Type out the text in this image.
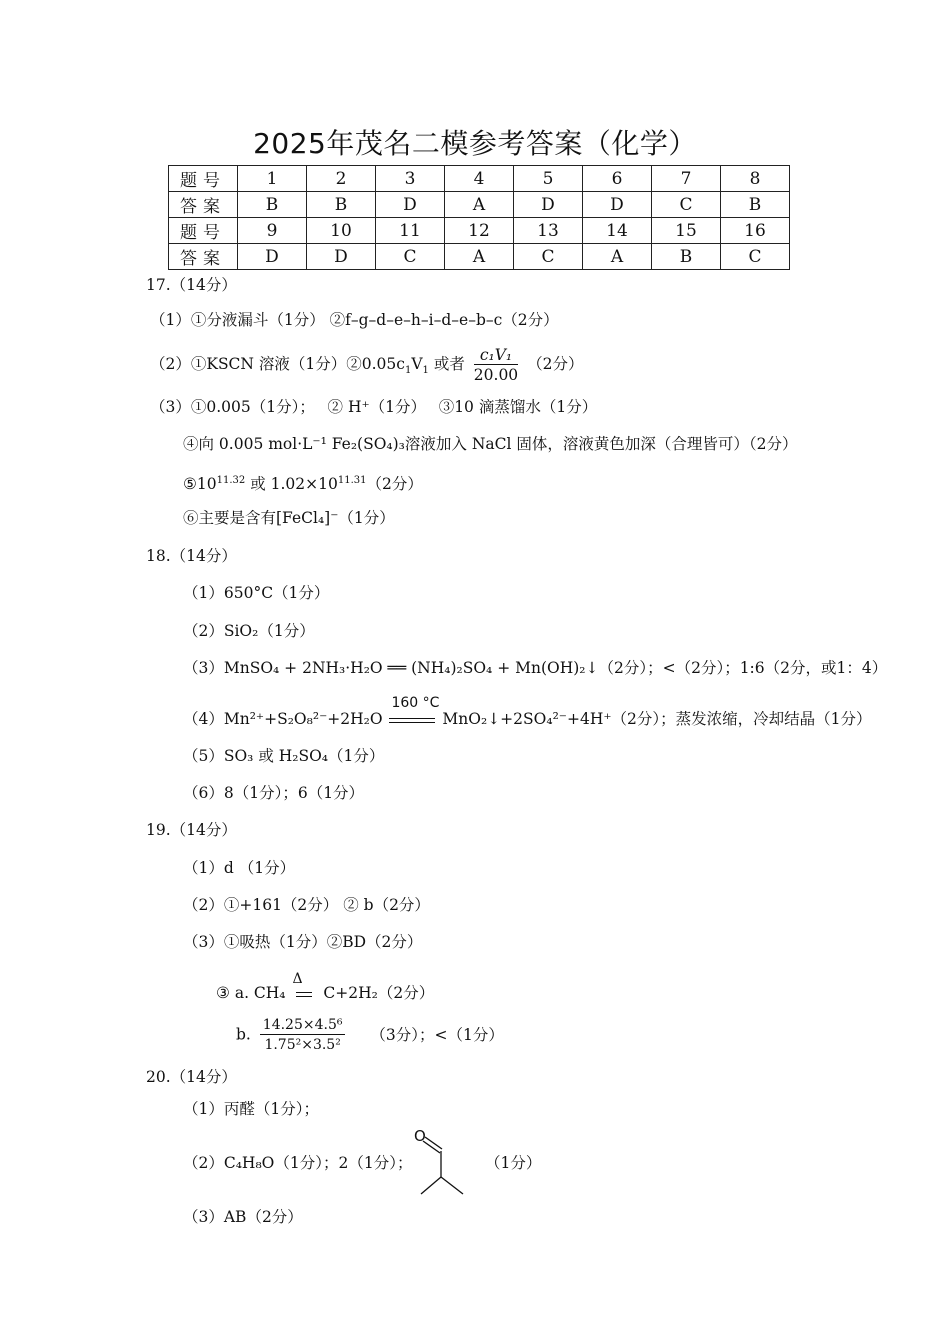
2025年茂名二模参考答案（化学）
题号	1	2	3	4	5	6	7	8
答案	B	B	D	A	D	D	C	B
题号	9	10	11	12	13	14	15	16
答案	D	D	C	A	C	A	B	C
17.（14分）
（1）①分液漏斗（1分） ②f–g–d–e–h–i–d–e–b–c（2分）
（2）①KSCN 溶液（1分）$②0.05c_1V_1$ 或者 $\frac{\text{c₁V₁}}{20.00} (2$分）
（3）①0.005（1分）；　 ② H⁺（1分）　 ③10 滴蒸馏水（1分）
④向 0.005 mol·L⁻¹ Fe₂(SO₄)₃溶液加入 NaCl 固体，溶液黄色加深（合理皆可）（2分）
$⑤10^{11.32}$ 或 $1.02\times 10^{11.31}(2$分）
⑥主要是含有[FeCl₄]⁻（1分）
18.（14分）
（1）650°C（1分）
（2）SiO₂（1分）
（3）MnSO₄ + 2NH₃·H₂O ══ (NH₄)₂SO₄ + Mn(OH)₂↓（2分）；<（2分）；1:6（2分，或1：4）
（4）Mn²⁺+S₂O₈²⁻+2H₂O
160 °C
MnO₂↓+2SO₄²⁻+4H⁺（2分）；蒸发浓缩，冷却结晶（1分）
（5）SO₃ 或 H₂SO₄（1分）
（6）8（1分）；6（1分）
19.（14分）
（1）d （1分）
（2）①+161（2分） ② b（2分）
（3）①吸热（1分）②BD（2分）
③ a. CH₄
Δ
C+2H₂（2分）
b. $\frac{\text{14.25×4.5⁶}}{\text{1.75²×3.5²}} (3$分）；<（1分）
20.（14分）
（1）丙醛（1分）；
（2）C₄H₈O（1分）；2（1分）；	（1分）
O
（3）AB（2分）
